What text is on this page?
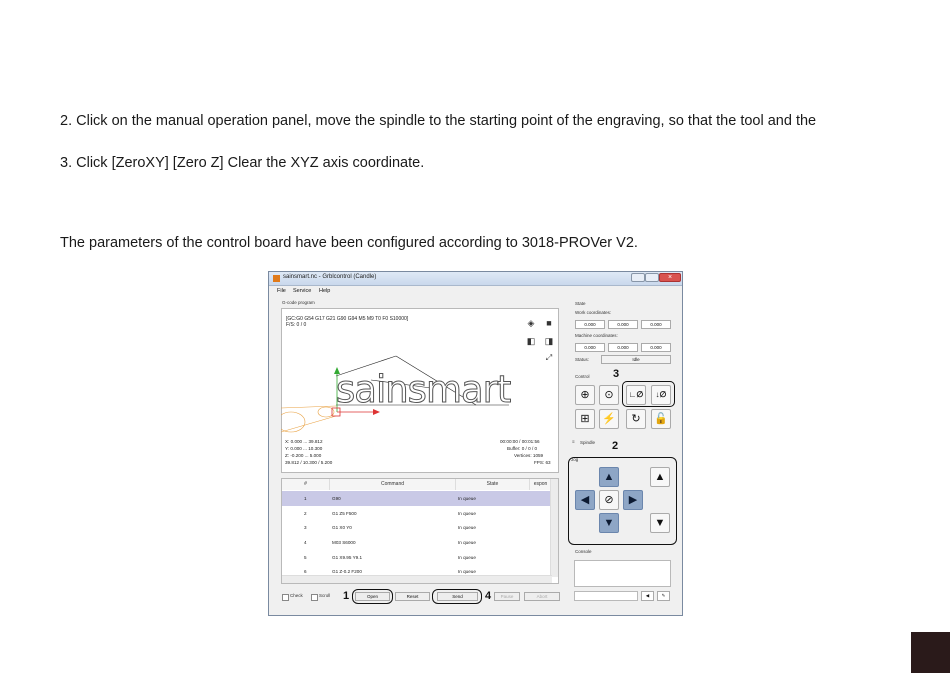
2. Click on the manual operation panel, move the spindle to the starting point of the engraving, so that the tool and the
3. Click [ZeroXY] [Zero Z] Clear the XYZ axis coordinate.
The parameters of the control board have been configured according to 3018-PROVer V2.
sainsmart.nc - Grblcontrol (Candle)	×
File Service Help
G-code program
[GC:G0 G54 G17 G21 G90 G94 M5 M9 T0 F0 S10000]
F/S: 0 / 0	◈ ■
◧ ◨
⤢
sainsmart
X: 0.000 ... 39.812
Y: 0.000 ... 10.300
Z: -0.200 ... 5.000
39.812 / 10.300 / 5.200
00:00:00 / 00:01:56
Buffer: 0 / 0 / 0
Vertices: 1059
FPS: 63
#	Command	State	espon
1	G90	In queue
2	G1 Z5 F500	In queue
3	G1 X0 Y0	In queue
4	M03 S6000	In queue
5	G1 X9.95 Y9.1	In queue
6	G1 Z-0.2 F200	In queue
Check	Scroll 1	Open	Reset	Send	4	Pause	Abort
State
Work coordinates:
0.000	0.000	0.000
Machine coordinates:
0.000	0.000	0.000
Status:	Idle
Control 3
⊕	⊙	∟∅	↓∅
⊞	⚡	↻	🔓
≡ Spindle 2
Jog
▲
◀	⊘	▶
▼
▲
▼
Console
◀	✎
